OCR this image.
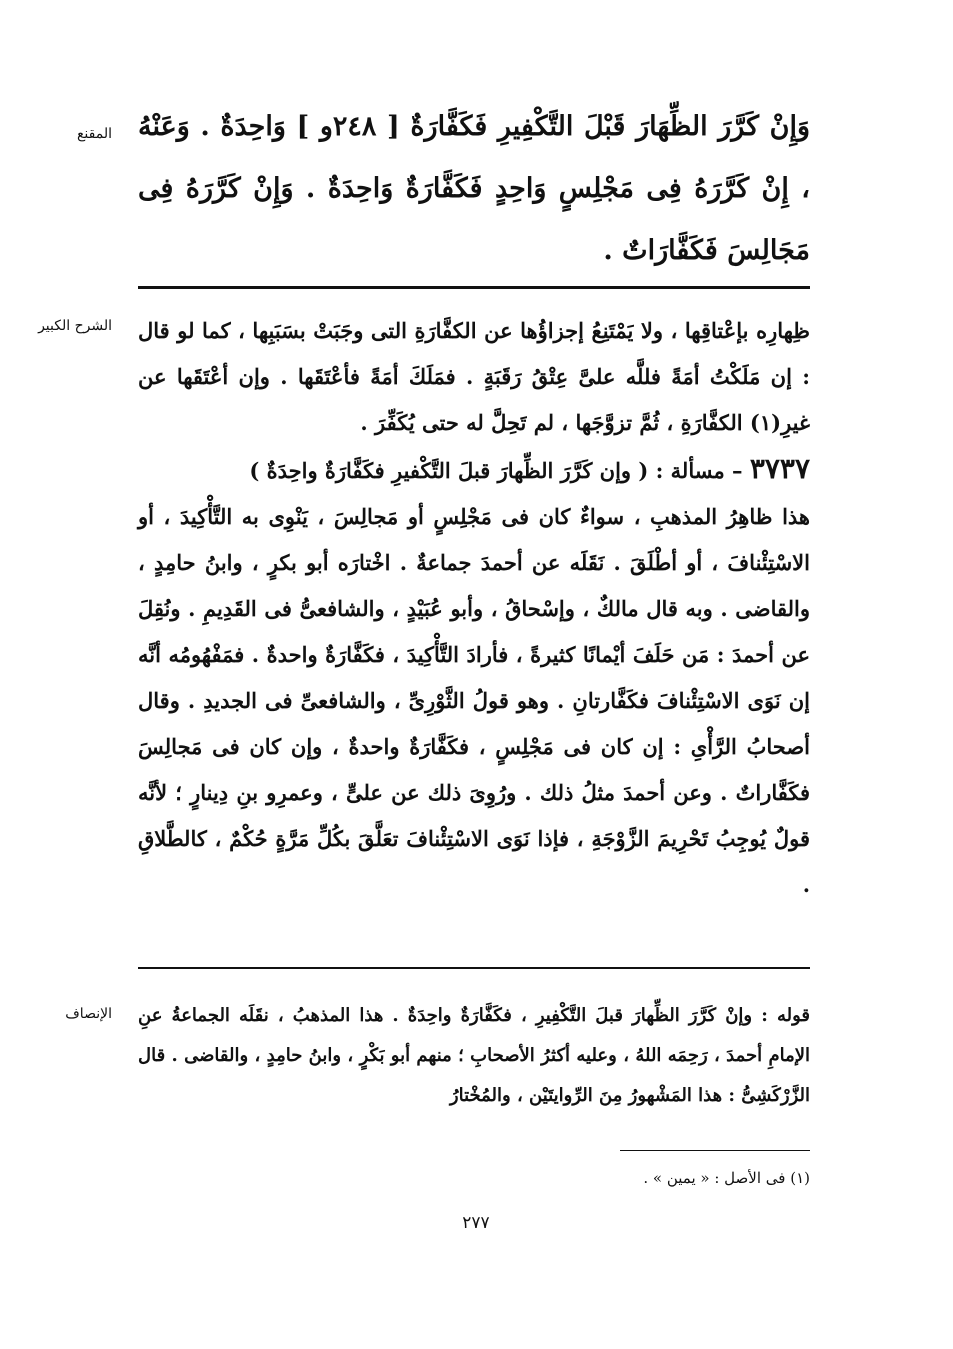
المقنع وَإِنْ كَرَّرَ الظِّهَارَ قَبْلَ التَّكْفِيرِ فَكَفَّارَةٌ [ ٢٤٨و ] وَاحِدَةٌ . وَعَنْهُ ، إِنْ كَرَّرَهُ فِى مَجْلِسٍ وَاحِدٍ فَكَفَّارَةٌ وَاحِدَةٌ . وَإِنْ كَرَّرَهُ فِى مَجَالِسَ فَكَفَّارَاتٌ .

الشرح الكبير ظِهارِه بإعْتاقِها ، ولا يَمْتَنِعُ إجزاؤُها عن الكفَّارَةِ التى وجَبَتْ بسَبَبِها ، كما لو قال : إن مَلَكْتُ أمَةً فللَّه علىَّ عِتْقُ رَقَبَةٍ . فمَلَكَ أمَةً فأعْتَقَها . وإن أعْتَقَها عن غيرِ(١) الكفَّارَةِ ، ثُمَّ تزوَّجَها ، لم تَحِلَّ له حتى يُكَفِّرَ .

٣٧٣٧ – مسألة : ( وإن كَرَّرَ الظِّهارَ قبلَ التَّكْفيرِ فكَفَّارَةٌ واحِدَةٌ )

هذا ظاهِرُ المذهبِ ، سواءٌ كان فى مَجْلِسٍ أو مَجالِسَ ، يَنْوِى به التَّأْكِيدَ ، أو الاسْتِئْنافَ ، أو أطْلَقَ . نَقَلَه عن أحمدَ جماعةٌ . اخْتارَه أبو بكرٍ ، وابنُ حامِدٍ ، والقاضى . وبه قال مالكٌ ، وإسْحاقُ ، وأبو عُبَيْدٍ ، والشافعىُّ فى القَدِيمِ . ونُقِلَ عن أحمدَ : مَن حَلَفَ أيْمانًا كثيرةً ، فأرادَ التَّأْكِيدَ ، فكَفَّارَةٌ واحدةٌ . فمَفْهُومُه أنَّه إن نَوَى الاسْتِئْنافَ فكَفَّارتانِ . وهو قولُ الثَّوْرِىِّ ، والشافعىِّ فى الجديدِ . وقال أصحابُ الرَّأْىِ : إن كان فى مَجْلِسٍ ، فكَفَّارَةٌ واحدةٌ ، وإن كان فى مَجالِسَ فكَفَّاراتٌ . وعن أحمدَ مثلُ ذلك . ورُوِىَ ذلك عن علىٍّ ، وعمرِو بنِ دِينارٍ ؛ لأنَّه قولٌ يُوجِبُ تَحْرِيمَ الزَّوْجَةِ ، فإذا نَوَى الاسْتِئْنافَ تعَلَّقَ بكُلِّ مَرَّةٍ حُكْمٌ ، كالطَّلاقِ .

الإنصاف قوله : وإنْ كَرَّرَ الظِّهارَ قبلَ التَّكْفِيرِ ، فكَفَّارَةٌ واحِدَةٌ . هذا المذهبُ ، نقَلَه الجماعةُ عنِ الإمامِ أحمدَ ، رَحِمَه اللهُ ، وعليه أكثرُ الأصحابِ ؛ منهم أبو بَكْرٍ ، وابنُ حامِدٍ ، والقاضى . قال الزَّرْكَشِىُّ : هذا المَشْهورُ مِنَ الرِّوايتَيْن ، والمُخْتارُ

(١) فى الأصل : « يمين » .
٢٧٧
